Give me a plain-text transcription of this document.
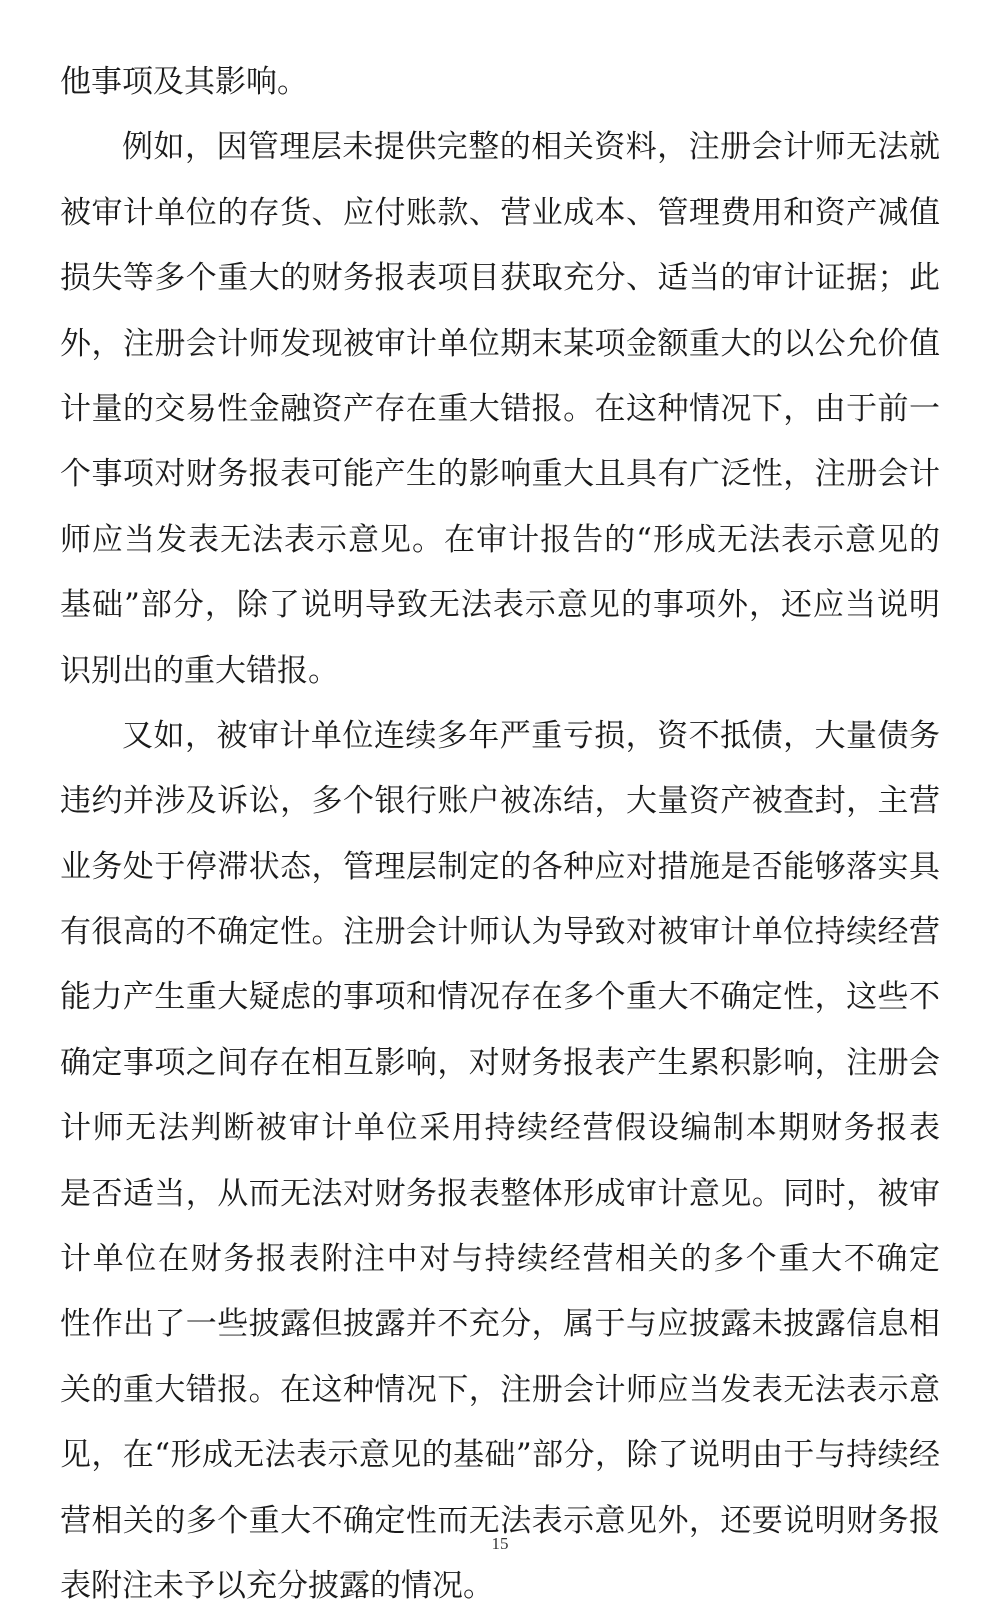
他事项及其影响。
例如，因管理层未提供完整的相关资料，注册会计师无法就
被审计单位的存货、应付账款、营业成本、管理费用和资产减值
损失等多个重大的财务报表项目获取充分、适当的审计证据；此
外，注册会计师发现被审计单位期末某项金额重大的以公允价值
计量的交易性金融资产存在重大错报。在这种情况下，由于前一
个事项对财务报表可能产生的影响重大且具有广泛性，注册会计
师应当发表无法表示意见。在审计报告的“形成无法表示意见的
基础”部分，除了说明导致无法表示意见的事项外，还应当说明
识别出的重大错报。
又如，被审计单位连续多年严重亏损，资不抵债，大量债务
违约并涉及诉讼，多个银行账户被冻结，大量资产被查封，主营
业务处于停滞状态，管理层制定的各种应对措施是否能够落实具
有很高的不确定性。注册会计师认为导致对被审计单位持续经营
能力产生重大疑虑的事项和情况存在多个重大不确定性，这些不
确定事项之间存在相互影响，对财务报表产生累积影响，注册会
计师无法判断被审计单位采用持续经营假设编制本期财务报表
是否适当，从而无法对财务报表整体形成审计意见。同时，被审
计单位在财务报表附注中对与持续经营相关的多个重大不确定
性作出了一些披露但披露并不充分，属于与应披露未披露信息相
关的重大错报。在这种情况下，注册会计师应当发表无法表示意
见，在“形成无法表示意见的基础”部分，除了说明由于与持续经
营相关的多个重大不确定性而无法表示意见外，还要说明财务报
表附注未予以充分披露的情况。
15
